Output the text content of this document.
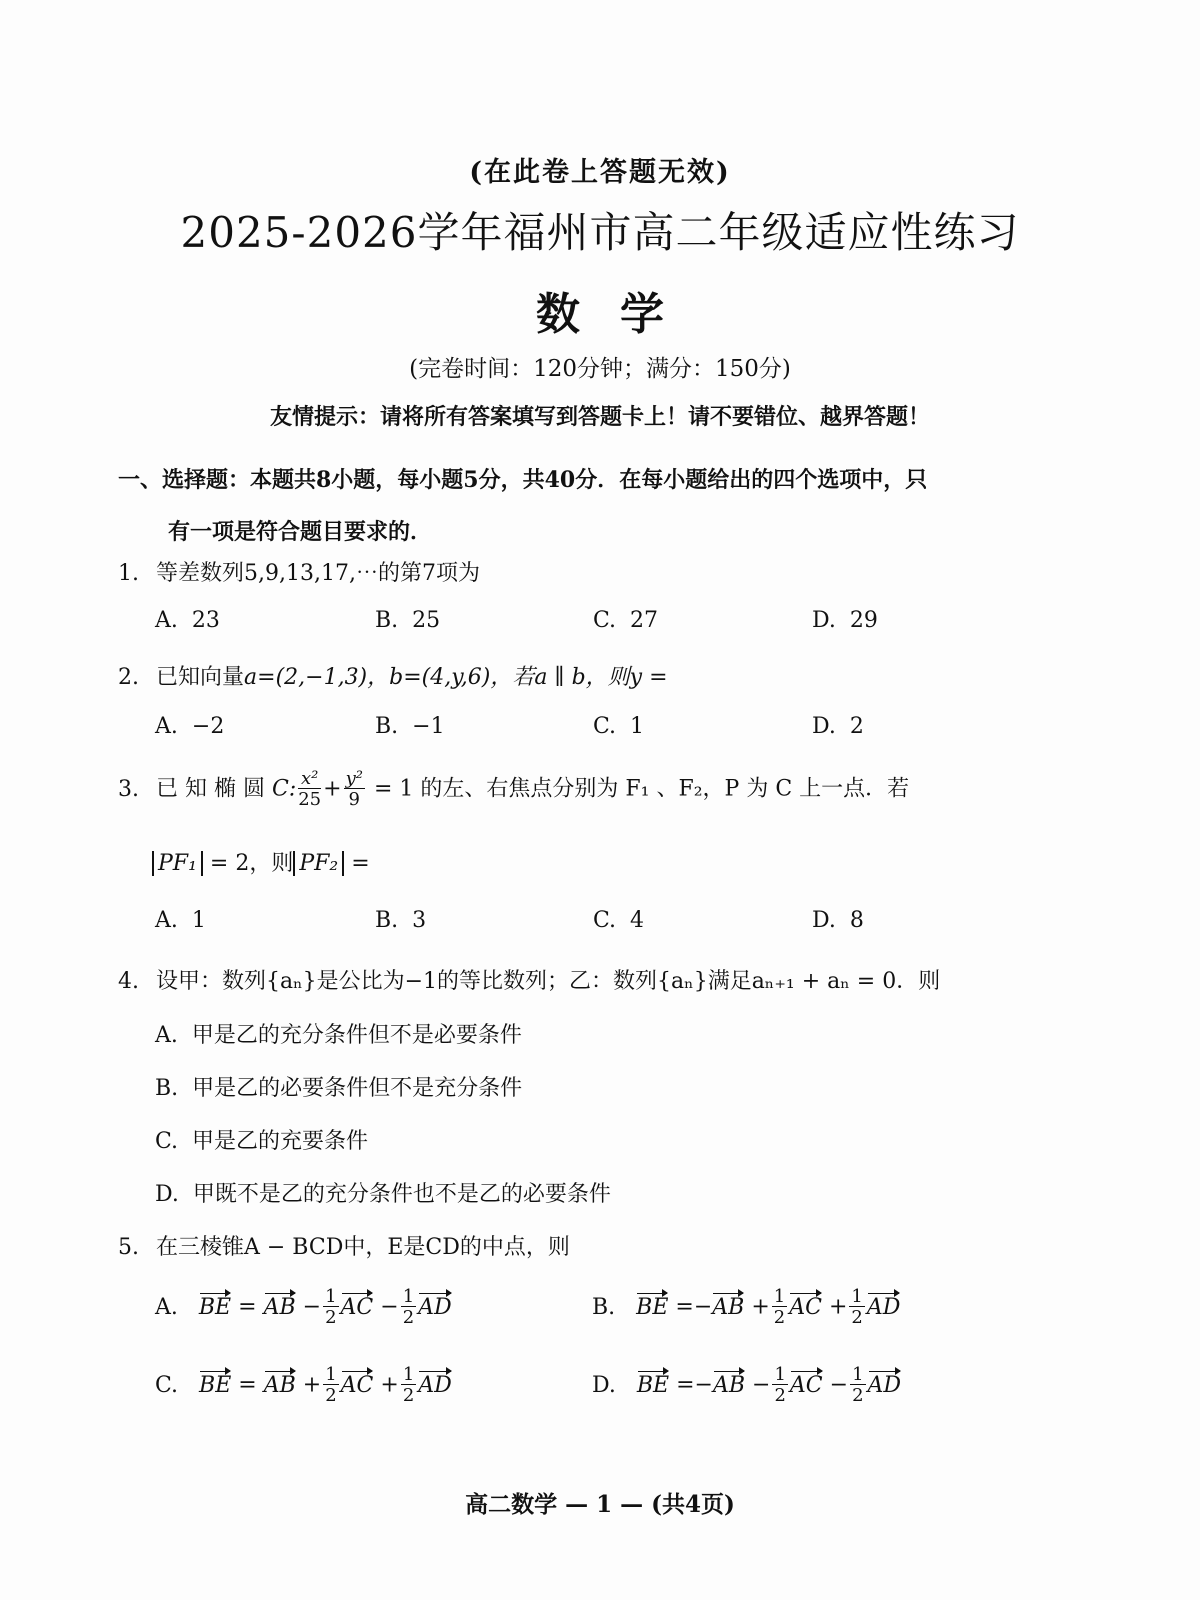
(在此卷上答题无效)
2025-2026学年福州市高二年级适应性练习
数学
(完卷时间：120分钟；满分：150分)
友情提示：请将所有答案填写到答题卡上！请不要错位、越界答题！
一、选择题：本题共8小题，每小题5分，共40分．在每小题给出的四个选项中，只
有一项是符合题目要求的．
1. 等差数列5,9,13,17,⋯的第7项为
A. 23	B. 25	C. 27	D. 29
2. 已知向量a=(2,−1,3)，b=(4,y,6)，若a ∥ b，则y =
A. −2	B. −1	C. 1	D. 2
3. 已 知 椭 圆 C: $\frac{\text{x²}}{25} + \frac{\text{y²}}{9} = 1$ 的左、右焦点分别为 F₁ 、F₂，P 为 C 上一点．若
PF₁ = 2，则 PF₂ =
A. 1	B. 3	C. 4	D. 8
4. 设甲：数列{aₙ}是公比为−1的等比数列；乙：数列{aₙ}满足aₙ₊₁ + aₙ = 0．则
A. 甲是乙的充分条件但不是必要条件
B. 甲是乙的必要条件但不是充分条件
C. 甲是乙的充要条件
D. 甲既不是乙的充分条件也不是乙的必要条件
5. 在三棱锥A − BCD中，E是CD的中点，则
A. BE = AB − $\frac{1}{2}$ AC − $\frac{1}{2}$ AD	B. BE $=-AB + \frac{1}{2}$ AC + $\frac{1}{2}$ AD
C. BE = AB + $\frac{1}{2}$ AC + $\frac{1}{2}$ AD	D. BE $=-AB - \frac{1}{2}$ AC − $\frac{1}{2}$ AD
高二数学 — 1 — (共4页)
